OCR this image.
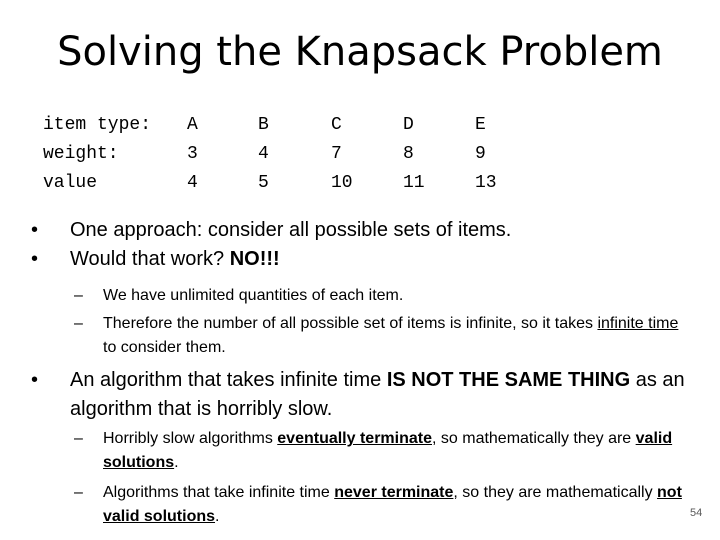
Solving the Knapsack Problem
item type: A	B	C	D	E
weight:	3	4	7	8	9
value	4	5	10	11	13
•	One approach: consider all possible sets of items.
•	Would that work? NO!!!
–	We have unlimited quantities of each item.
–	Therefore the number of all possible set of items is infinite, so it takes infinite time to consider them.
•	An algorithm that takes infinite time IS NOT THE SAME THING as an algorithm that is horribly slow.
–	Horribly slow algorithms eventually terminate, so mathematically they are valid solutions.
–	Algorithms that take infinite time never terminate, so they are mathematically not valid solutions.	54
